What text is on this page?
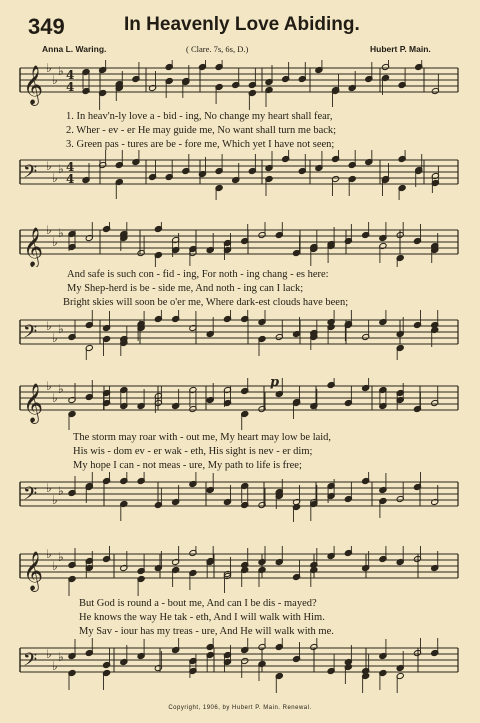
349	In Heavenly Love Abiding.
Anna L. Waring.	( Clare. 7s, 6s, D.)	Hubert P. Main.
𝄞 ♭
♭
♭ 4
4
1. In heav'n-ly love a - bid - ing, No change my heart shall fear,
2. Wher - ev - er He may guide me, No want shall turn me back;
3. Green pas - tures are be - fore me, Which yet I have not seen;
𝄢 ♭
♭
♭ 4
4
𝄞 ♭
♭
♭
And safe is such con - fid - ing, For noth - ing chang - es here:
My Shep-herd is be - side me, And noth - ing can I lack;
Bright skies will soon be o'er me, Where dark-est clouds have been;
𝄢 ♭
♭
♭
𝄞 ♭
♭
♭	p
The storm may roar with - out me, My heart may low be laid,
His wis - dom ev - er wak - eth, His sight is nev - er dim;
My hope I can - not meas - ure, My path to life is free;
𝄢 ♭
♭
♭
𝄞 ♭
♭
♭
But God is round a - bout me, And can I be dis - mayed?
He knows the way He tak - eth, And I will walk with Him.
My Sav - iour has my treas - ure, And He will walk with me.
𝄢 ♭
♭
♭
Copyright, 1906, by Hubert P. Main. Renewal.
